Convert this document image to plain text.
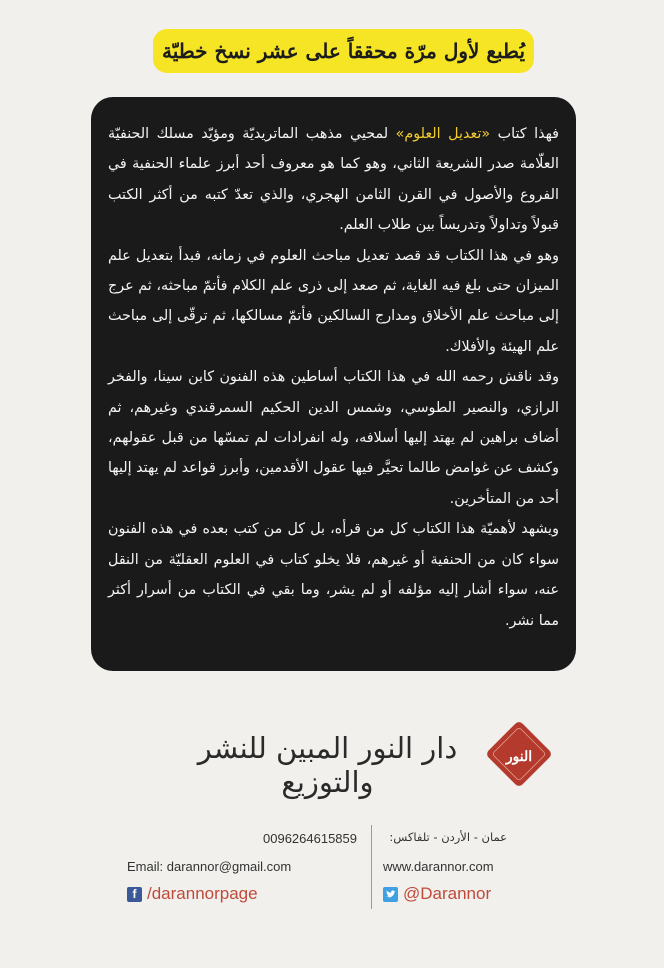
يُطبع لأول مرّة محققاً على عشر نسخ خطيّة

فهذا كتاب «تعديل العلوم» لمحيي مذهب الماتريديّة ومؤيّد مسلك الحنفيّة العلّامة صدر الشريعة الثاني، وهو كما هو معروف أحد أبرز علماء الحنفية في الفروع والأصول في القرن الثامن الهجري، والذي تعدّ كتبه من أكثر الكتب قبولاً وتداولاً وتدريساً بين طلاب العلم.

وهو في هذا الكتاب قد قصد تعديل مباحث العلوم في زمانه، فبدأ بتعديل علم الميزان حتى بلغ فيه الغاية، ثم صعد إلى ذرى علم الكلام فأتمّ مباحثه، ثم عرج إلى مباحث علم الأخلاق ومدارج السالكين فأتمّ مسالكها، ثم ترقّى إلى مباحث علم الهيئة والأفلاك.

وقد ناقش رحمه الله في هذا الكتاب أساطين هذه الفنون كابن سينا، والفخر الرازي، والنصير الطوسي، وشمس الدين الحكيم السمرقندي وغيرهم، ثم أضاف براهين لم يهتد إليها أسلافه، وله انفرادات لم تمسّها من قبل عقولهم، وكشف عن غوامض طالما تحيَّر فيها عقول الأقدمين، وأبرز قواعد لم يهتد إليها أحد من المتأخرين.

ويشهد لأهميّة هذا الكتاب كل من قرأه، بل كل من كتب بعده في هذه الفنون سواء كان من الحنفية أو غيرهم، فلا يخلو كتاب في العلوم العقليّة من النقل عنه، سواء أشار إليه مؤلفه أو لم يشر، وما بقي في الكتاب من أسرار أكثر مما نشر.

النور
دار النور المبين للنشر والتوزيع
0096264615859
Email: darannor@gmail.com
f /darannorpage
عمان - الأردن - تلفاكس:
www.darannor.com
@Darannor
